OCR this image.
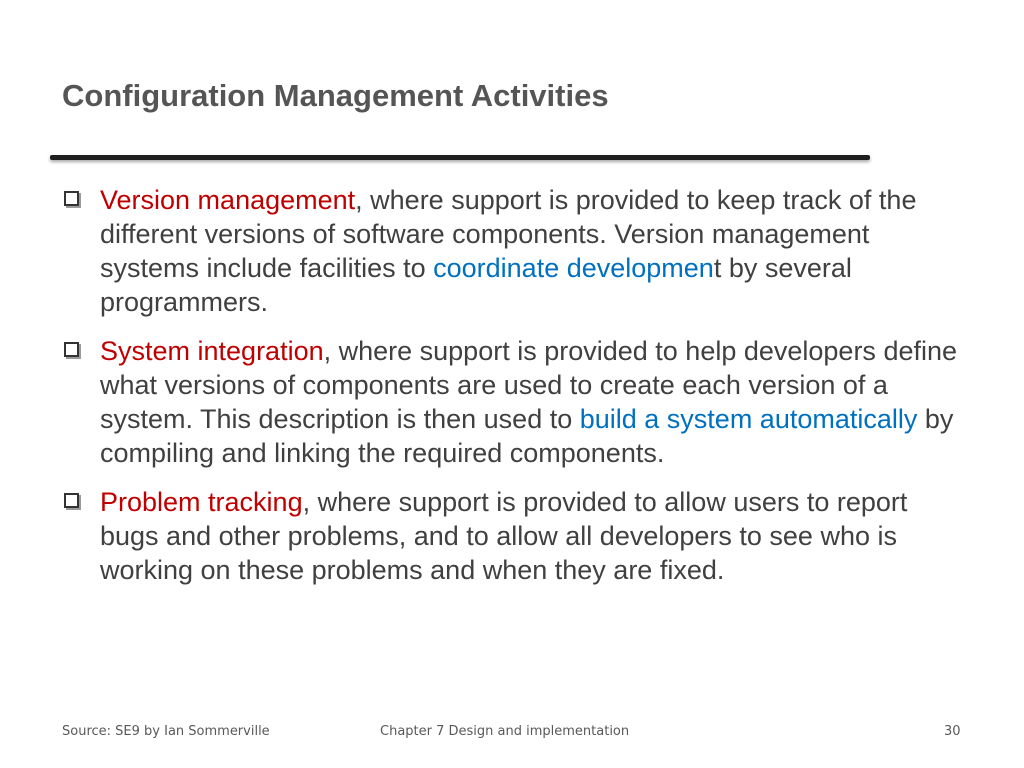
Configuration Management Activities
Version management, where support is provided to keep track of the different versions of software components. Version management systems include facilities to coordinate development by several programmers.
System integration, where support is provided to help developers define what versions of components are used to create each version of a system. This description is then used to build a system automatically by compiling and linking the required components.
Problem tracking, where support is provided to allow users to report bugs and other problems, and to allow all developers to see who is working on these problems and when they are fixed.
Source: SE9 by Ian Sommerville	Chapter 7 Design and implementation	30
